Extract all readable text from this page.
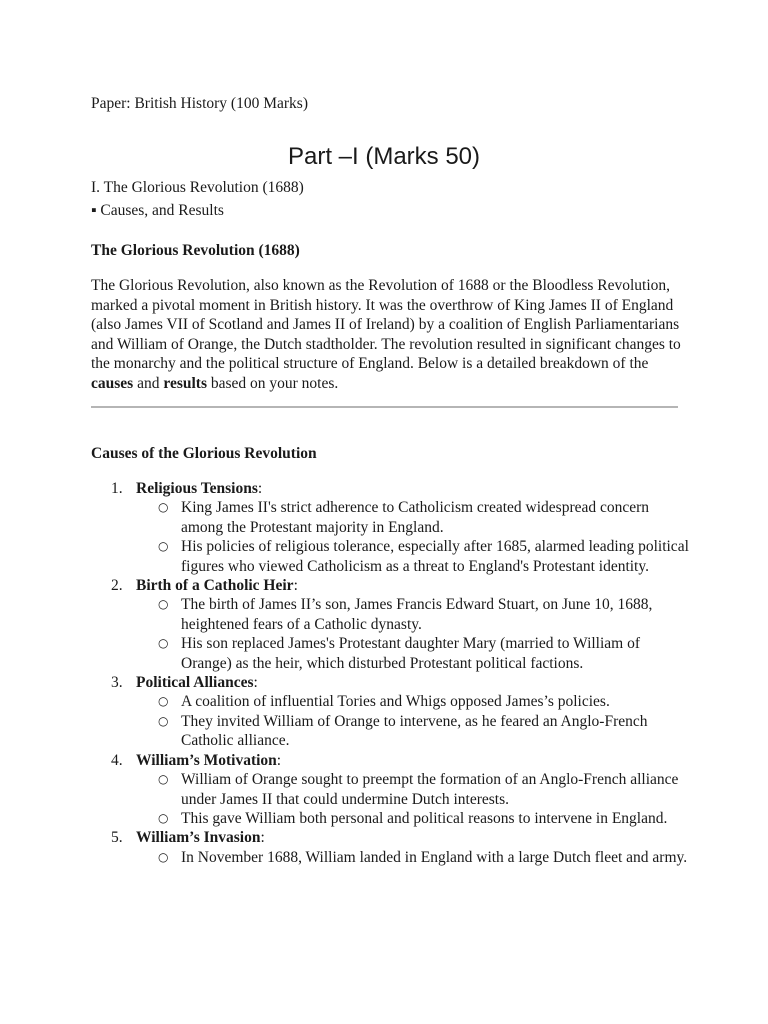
Paper: British History (100 Marks)
Part –I (Marks 50)
I. The Glorious Revolution (1688)
▪ Causes, and Results
The Glorious Revolution (1688)

The Glorious Revolution, also known as the Revolution of 1688 or the Bloodless Revolution, marked a pivotal moment in British history. It was the overthrow of King James II of England (also James VII of Scotland and James II of Ireland) by a coalition of English Parliamentarians and William of Orange, the Dutch stadtholder. The revolution resulted in significant changes to the monarchy and the political structure of England. Below is a detailed breakdown of the causes and results based on your notes.

Causes of the Glorious Revolution
1. Religious Tensions:
○ King James II's strict adherence to Catholicism created widespread concern among the Protestant majority in England.
○ His policies of religious tolerance, especially after 1685, alarmed leading political figures who viewed Catholicism as a threat to England's Protestant identity.
2. Birth of a Catholic Heir:
○ The birth of James II’s son, James Francis Edward Stuart, on June 10, 1688, heightened fears of a Catholic dynasty.
○ His son replaced James's Protestant daughter Mary (married to William of Orange) as the heir, which disturbed Protestant political factions.
3. Political Alliances:
○ A coalition of influential Tories and Whigs opposed James’s policies.
○ They invited William of Orange to intervene, as he feared an Anglo-French Catholic alliance.
4. William’s Motivation:
○ William of Orange sought to preempt the formation of an Anglo-French alliance under James II that could undermine Dutch interests.
○ This gave William both personal and political reasons to intervene in England.
5. William’s Invasion:
○ In November 1688, William landed in England with a large Dutch fleet and army.
